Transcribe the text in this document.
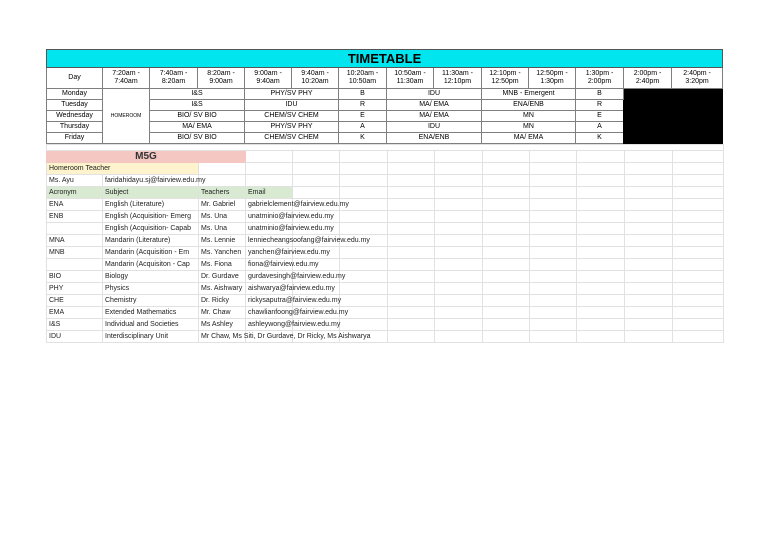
TIMETABLE													
Day	7:20am - 7:40am	7:40am - 8:20am	8:20am - 9:00am	9:00am - 9:40am	9:40am - 10:20am	10:20am - 10:50am	10:50am - 11:30am	11:30am - 12:10pm	12:10pm - 12:50pm	12:50pm - 1:30pm	1:30pm - 2:00pm	2:00pm - 2:40pm	2:40pm - 3:20pm
Monday	HOMEROOM	I&S		PHY/SV PHY		B	IDU		MNB - Emergent		B		
Tuesday		I&S		IDU		R	MA/ EMA		ENA/ENB		R		
Wednesday		BIO/ SV BIO		CHEM/SV CHEM		E	MA/ EMA		MN		E		
Thursday		MA/ EMA		PHY/SV PHY		A	IDU		MN		A		
Friday		BIO/ SV BIO		CHEM/SV CHEM		K	ENA/ENB		MA/ EMA		K		

M5G												
Homeroom Teacher												
Ms. Ayu	faridahidayu.sj@fairview.edu.my											
Acronym	Subject	Teachers	Email									
ENA	English (Literature)	Mr. Gabriel	gabrielclement@fairview.edu.my									
ENB	English (Acquisition- Emerg	Ms. Una	unatminio@fairview.edu.my									
	English (Acquisition- Capab	Ms. Una	unatminio@fairview.edu.my									
MNA	Mandarin (Literature)	Ms. Lennie	lenniecheangsoofang@fairview.edu.my									
MNB	Mandarin (Acquisition - Em	Ms. Yanchen	yanchen@fairview.edu.my									
	Mandarin (Acquisiton - Cap	Ms. Fiona	fiona@fairview.edu.my									
BIO	Biology	Dr. Gurdave	gurdavesingh@fairview.edu.my									
PHY	Physics	Ms. Aishwary	aishwarya@fairview.edu.my									
CHE	Chemistry	Dr. Ricky	rickysaputra@fairview.edu.my									
EMA	Extended Mathematics	Mr. Chaw	chawlianfoong@fairview.edu.my									
I&S	Individual and Societies	Ms Ashley	ashleywong@fairview.edu.my									
IDU	Interdisciplinary Unit	Mr Chaw, Ms Siti, Dr Gurdave, Dr Ricky, Ms Aishwarya										
